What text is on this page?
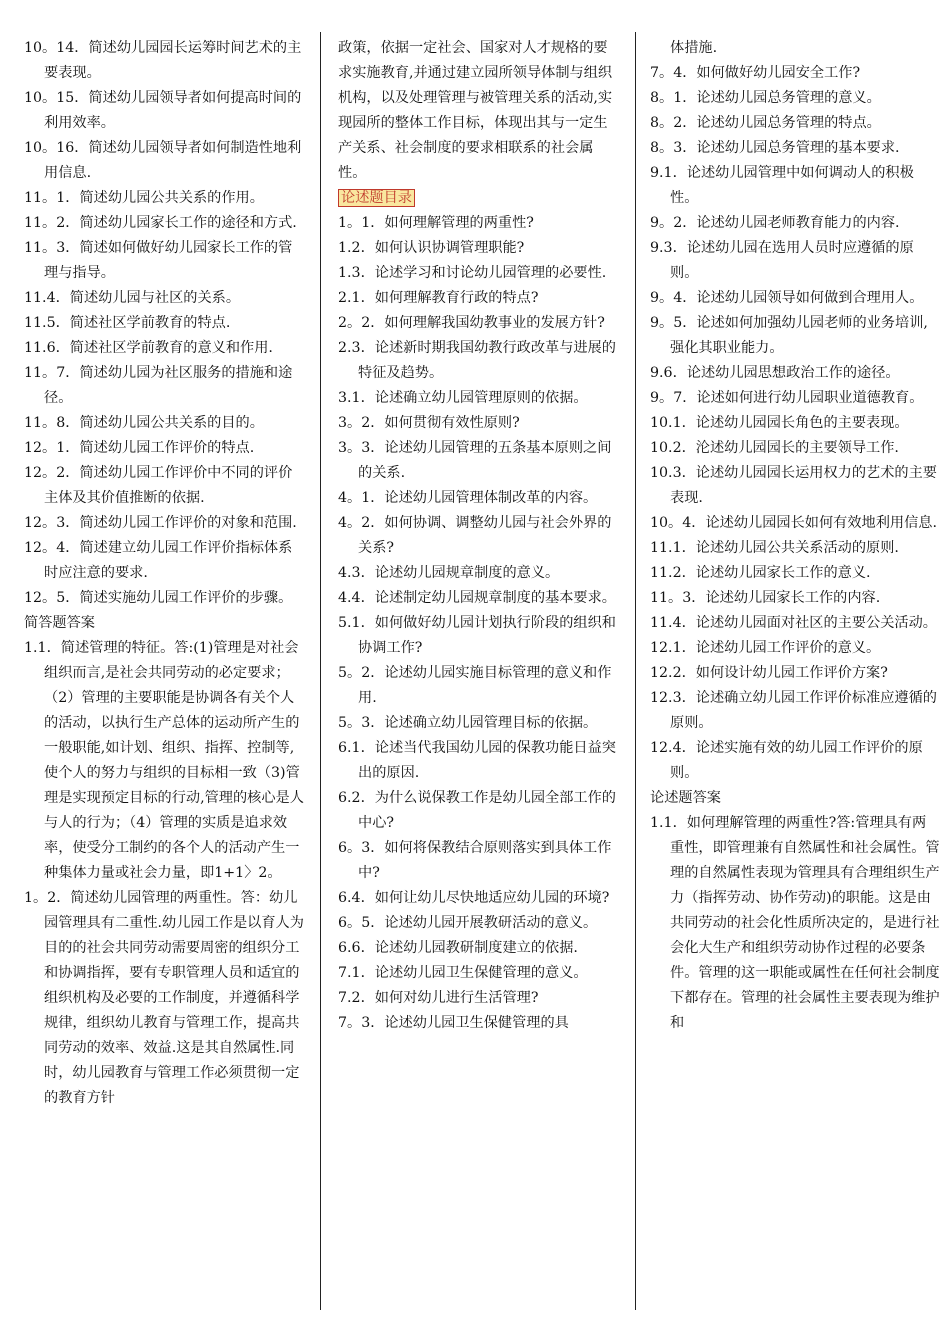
10。14．简述幼儿园园长运筹时间艺术的主要表现。

10。15．简述幼儿园领导者如何提高时间的利用效率。

10。16．简述幼儿园领导者如何制造性地利用信息.

11。1．简述幼儿园公共关系的作用。

11。2．简述幼儿园家长工作的途径和方式.

11。3．简述如何做好幼儿园家长工作的管理与指导。

11.4．简述幼儿园与社区的关系。

11.5．简述社区学前教育的特点.

11.6．简述社区学前教育的意义和作用.

11。7．简述幼儿园为社区服务的措施和途径。

11。8．简述幼儿园公共关系的目的。

12。1．简述幼儿园工作评价的特点.

12。2．简述幼儿园工作评价中不同的评价主体及其价值推断的依据.

12。3．简述幼儿园工作评价的对象和范围.

12。4．简述建立幼儿园工作评价指标体系时应注意的要求.

12。5．简述实施幼儿园工作评价的步骤。

简答题答案

1.1．简述管理的特征。答:(1)管理是对社会组织而言,是社会共同劳动的必定要求；（2）管理的主要职能是协调各有关个人的活动，以执行生产总体的运动所产生的一般职能,如计划、组织、指挥、控制等,使个人的努力与组织的目标相一致（3)管理是实现预定目标的行动,管理的核心是人与人的行为；（4）管理的实质是追求效率，使受分工制约的各个人的活动产生一种集体力量或社会力量，即1+1〉2。

1。2．简述幼儿园管理的两重性。答：幼儿园管理具有二重性.幼儿园工作是以育人为目的的社会共同劳动需要周密的组织分工和协调指挥，要有专职管理人员和适宜的组织机构及必要的工作制度，并遵循科学规律，组织幼儿教育与管理工作，提高共同劳动的效率、效益.这是其自然属性.同时，幼儿园教育与管理工作必须贯彻一定的教育方针

政策，依据一定社会、国家对人才规格的要求实施教育,并通过建立园所领导体制与组织机构，以及处理管理与被管理关系的活动,实现园所的整体工作目标，体现出其与一定生产关系、社会制度的要求相联系的社会属性。

论述题目录

1。1．如何理解管理的两重性?

1.2．如何认识协调管理职能?

1.3．论述学习和讨论幼儿园管理的必要性.

2.1．如何理解教育行政的特点?

2。2．如何理解我国幼教事业的发展方针?

2.3．论述新时期我国幼教行政改革与进展的特征及趋势。

3.1．论述确立幼儿园管理原则的依据。

3。2．如何贯彻有效性原则?

3。3．论述幼儿园管理的五条基本原则之间的关系.

4。1．论述幼儿园管理体制改革的内容。

4。2．如何协调、调整幼儿园与社会外界的关系?

4.3．论述幼儿园规章制度的意义。

4.4．论述制定幼儿园规章制度的基本要求。

5.1．如何做好幼儿园计划执行阶段的组织和协调工作?

5。2．论述幼儿园实施目标管理的意义和作用.

5。3．论述确立幼儿园管理目标的依据。

6.1．论述当代我国幼儿园的保教功能日益突出的原因.

6.2．为什么说保教工作是幼儿园全部工作的中心?

6。3．如何将保教结合原则落实到具体工作中?

6.4．如何让幼儿尽快地适应幼儿园的环境?

6。5．论述幼儿园开展教研活动的意义。

6.6．论述幼儿园教研制度建立的依据.

7.1．论述幼儿园卫生保健管理的意义。

7.2．如何对幼儿进行生活管理?

7。3．论述幼儿园卫生保健管理的具

体措施.

7。4．如何做好幼儿园安全工作?

8。1．论述幼儿园总务管理的意义。

8。2．论述幼儿园总务管理的特点。

8。3．论述幼儿园总务管理的基本要求.

9.1．论述幼儿园管理中如何调动人的积极性。

9。2．论述幼儿园老师教育能力的内容.

9.3．论述幼儿园在选用人员时应遵循的原则。

9。4．论述幼儿园领导如何做到合理用人。

9。5．论述如何加强幼儿园老师的业务培训,强化其职业能力。

9.6．论述幼儿园思想政治工作的途径。

9。7．论述如何进行幼儿园职业道德教育。

10.1．论述幼儿园园长角色的主要表现。

10.2．沦述幼儿园园长的主要领导工作.

10.3．论述幼儿园园长运用权力的艺术的主要表现.

10。4．论述幼儿园园长如何有效地利用信息.

11.1．论述幼儿园公共关系活动的原则.

11.2．论述幼儿园家长工作的意义.

11。3．论述幼儿园家长工作的内容.

11.4．论述幼儿园面对社区的主要公关活动。

12.1．论述幼儿园工作评价的意义。

12.2．如何设计幼儿园工作评价方案?

12.3．论述确立幼儿园工作评价标准应遵循的原则。

12.4．论述实施有效的幼儿园工作评价的原则。

论述题答案

1.1．如何理解管理的两重性?答:管理具有两重性，即管理兼有自然属性和社会属性。管理的自然属性表现为管理具有合理组织生产力（指挥劳动、协作劳动)的职能。这是由共同劳动的社会化性质所决定的，是进行社会化大生产和组织劳动协作过程的必要条件。管理的这一职能或属性在任何社会制度下都存在。管理的社会属性主要表现为维护和
